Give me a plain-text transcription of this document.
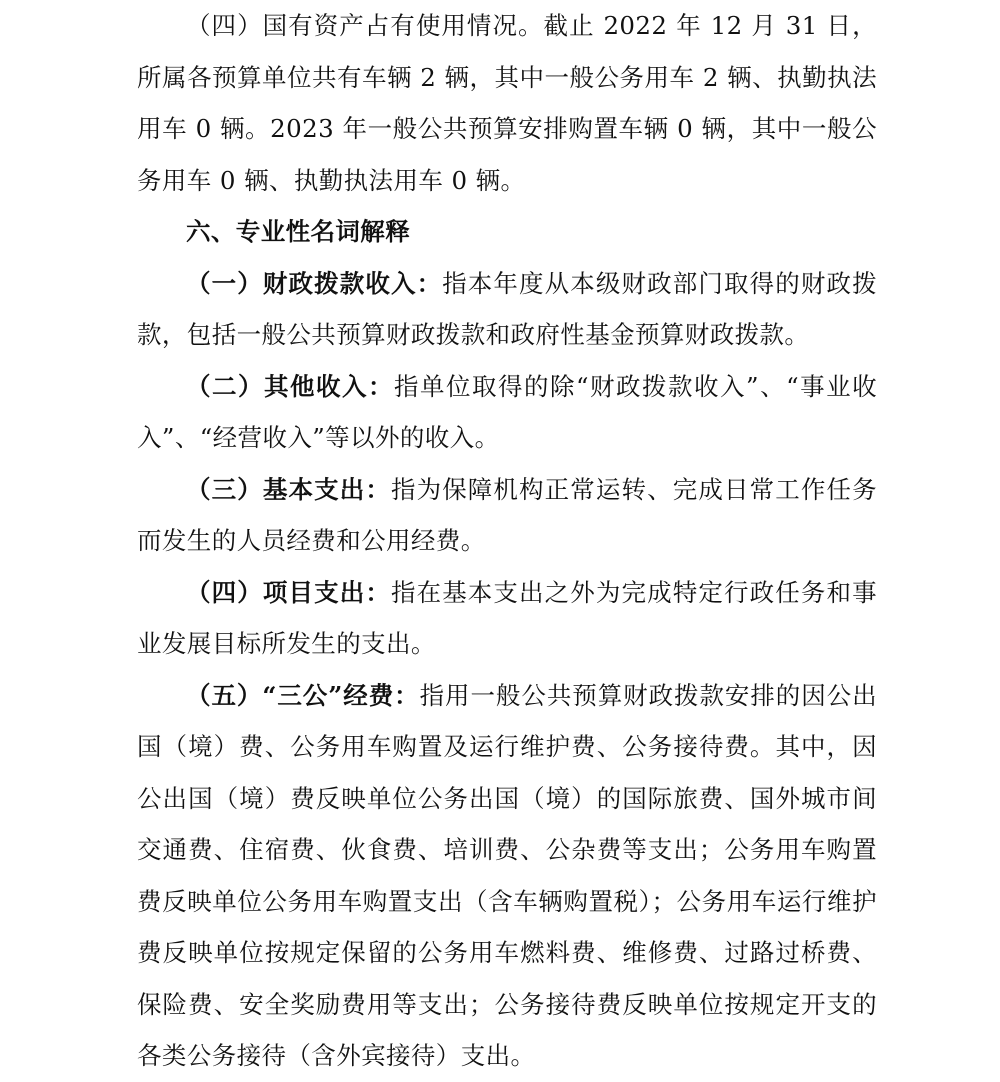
（四）国有资产占有使用情况。截止 2022 年 12 月 31 日，所属各预算单位共有车辆 2 辆，其中一般公务用车 2 辆、执勤执法用车 0 辆。2023 年一般公共预算安排购置车辆 0 辆，其中一般公务用车 0 辆、执勤执法用车 0 辆。

六、专业性名词解释

（一）财政拨款收入：指本年度从本级财政部门取得的财政拨款，包括一般公共预算财政拨款和政府性基金预算财政拨款。

（二）其他收入：指单位取得的除“财政拨款收入”、“事业收入”、“经营收入”等以外的收入。

（三）基本支出：指为保障机构正常运转、完成日常工作任务而发生的人员经费和公用经费。

（四）项目支出：指在基本支出之外为完成特定行政任务和事业发展目标所发生的支出。

（五）“三公”经费：指用一般公共预算财政拨款安排的因公出国（境）费、公务用车购置及运行维护费、公务接待费。其中，因公出国（境）费反映单位公务出国（境）的国际旅费、国外城市间交通费、住宿费、伙食费、培训费、公杂费等支出；公务用车购置费反映单位公务用车购置支出（含车辆购置税）；公务用车运行维护费反映单位按规定保留的公务用车燃料费、维修费、过路过桥费、保险费、安全奖励费用等支出；公务接待费反映单位按规定开支的各类公务接待（含外宾接待）支出。
